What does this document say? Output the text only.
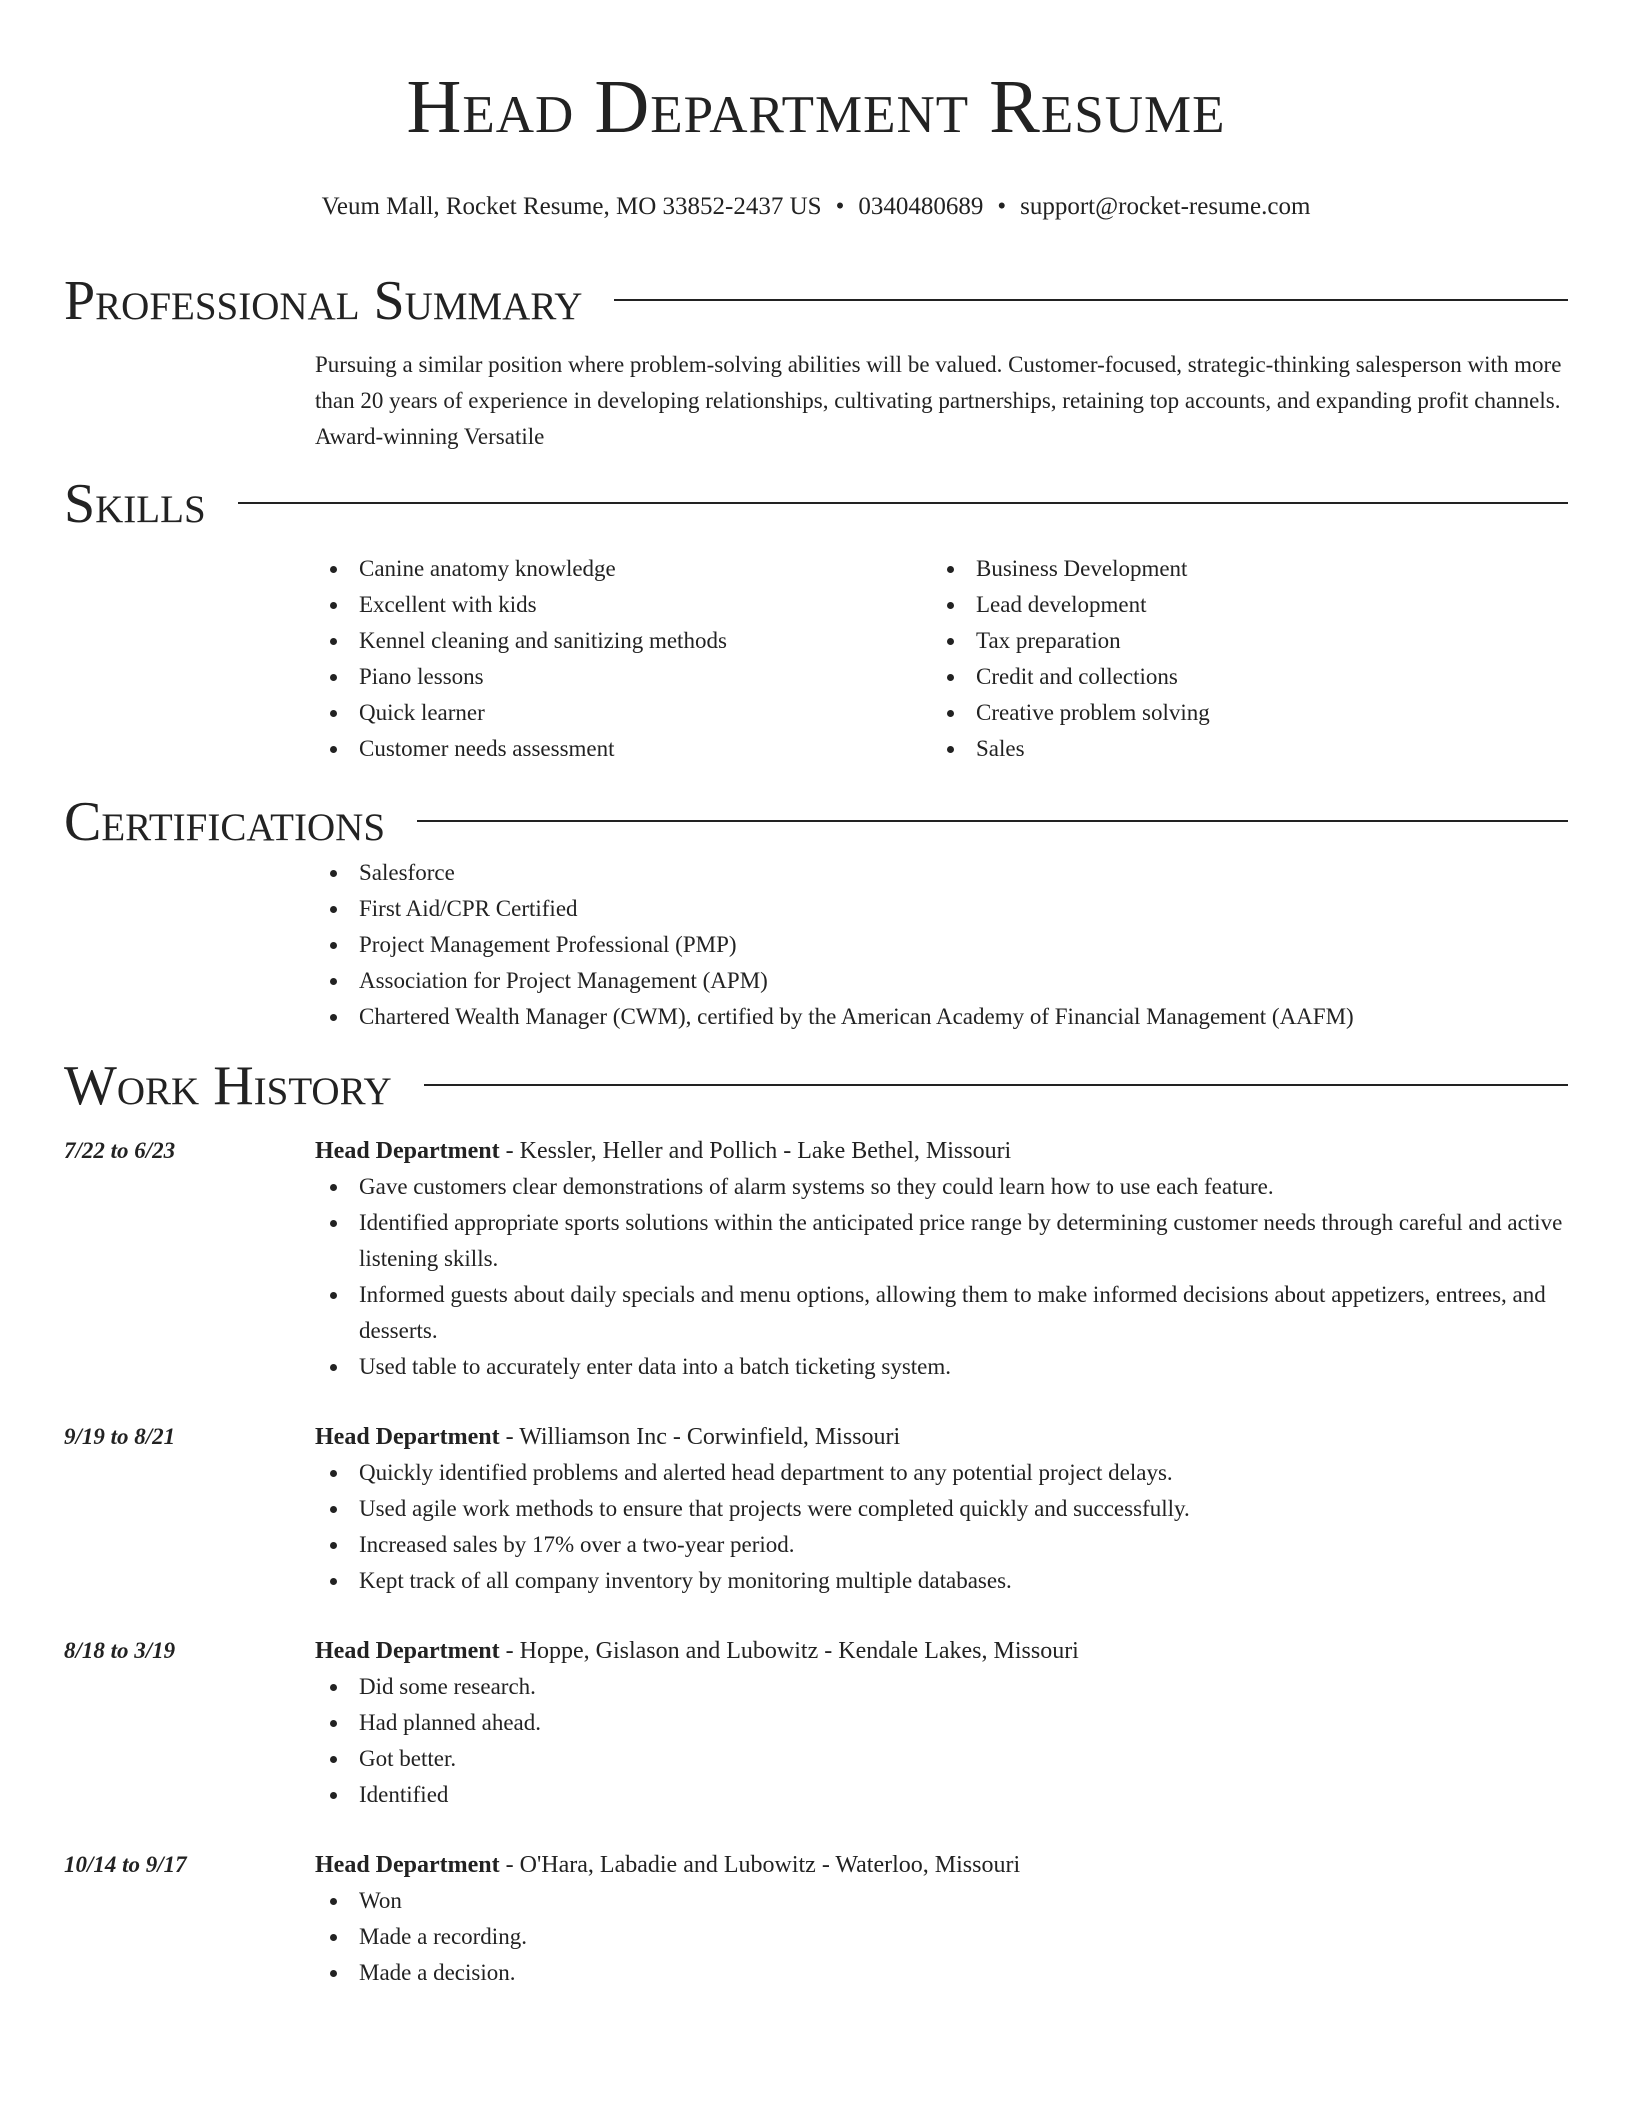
Head Department Resume
Veum Mall, Rocket Resume, MO 33852-2437 US • 0340480689 • support@rocket-resume.com
Professional Summary

Pursuing a similar position where problem-solving abilities will be valued. Customer-focused, strategic-thinking salesperson with more than 20 years of experience in developing relationships, cultivating partnerships, retaining top accounts, and expanding profit channels. Award-winning Versatile

Skills
Canine anatomy knowledge
Excellent with kids
Kennel cleaning and sanitizing methods
Piano lessons
Quick learner
Customer needs assessment
Business Development
Lead development
Tax preparation
Credit and collections
Creative problem solving
Sales
Certifications
Salesforce
First Aid/CPR Certified
Project Management Professional (PMP)
Association for Project Management (APM)
Chartered Wealth Manager (CWM), certified by the American Academy of Financial Management (AAFM)
Work History
7/22 to 6/23	Head Department - Kessler, Heller and Pollich - Lake Bethel, Missouri
Gave customers clear demonstrations of alarm systems so they could learn how to use each feature.
Identified appropriate sports solutions within the anticipated price range by determining customer needs through careful and active listening skills.
Informed guests about daily specials and menu options, allowing them to make informed decisions about appetizers, entrees, and desserts.
Used table to accurately enter data into a batch ticketing system.
9/19 to 8/21	Head Department - Williamson Inc - Corwinfield, Missouri
Quickly identified problems and alerted head department to any potential project delays.
Used agile work methods to ensure that projects were completed quickly and successfully.
Increased sales by 17% over a two-year period.
Kept track of all company inventory by monitoring multiple databases.
8/18 to 3/19	Head Department - Hoppe, Gislason and Lubowitz - Kendale Lakes, Missouri
Did some research.
Had planned ahead.
Got better.
Identified
10/14 to 9/17	Head Department - O'Hara, Labadie and Lubowitz - Waterloo, Missouri
Won
Made a recording.
Made a decision.
